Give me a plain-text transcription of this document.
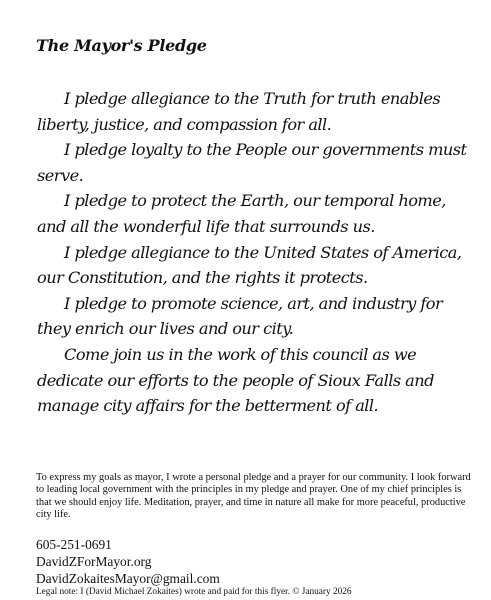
The Mayor's Pledge

I pledge allegiance to the Truth for truth enables liberty, justice, and compassion for all.

I pledge loyalty to the People our governments must serve.

I pledge to protect the Earth, our temporal home, and all the wonderful life that surrounds us.

I pledge allegiance to the United States of America, our Constitution, and the rights it protects.

I pledge to promote science, art, and industry for they enrich our lives and our city.

Come join us in the work of this council as we dedicate our efforts to the people of Sioux Falls and manage city affairs for the betterment of all.

To express my goals as mayor, I wrote a personal pledge and a prayer for our community. I look forward to leading local government with the principles in my pledge and prayer. One of my chief principles is that we should enjoy life. Meditation, prayer, and time in nature all make for more peaceful, productive city life.

605-251-0691
DavidZForMayor.org
DavidZokaitesMayor@gmail.com
Legal note: I (David Michael Zokaites) wrote and paid for this flyer. © January 2026
